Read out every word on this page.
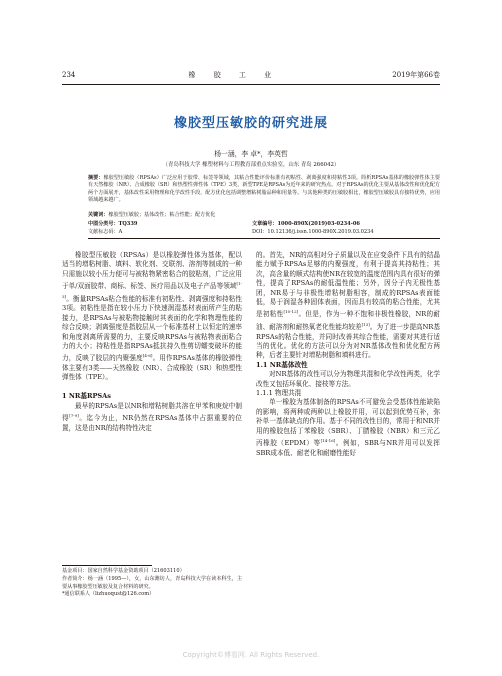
234	橡 胶 工 业	2019年第66卷
橡胶型压敏胶的研究进展
杨一涵，李 卓*，李英哲
（青岛科技大学 橡塑材料与工程教育部重点实验室，山东 青岛 266042）
摘要：橡胶型压敏胶（RPSAs）广泛应用于胶带、标签等领域，其粘合性能评价标准有初粘性、剥离强度和持粘性3项。简析RPSAs基体的橡胶弹性体主要有天然橡胶（NR）、合成橡胶（SR）和热塑性弹性体（TPE）3类，新型TPE是RPSAs为近年来的研究热点。对于RPSAs的优化主要从基体改性和优化配方两个方面展开，基体改性采用物理和化学改性手段，配方优化包括调整增粘树脂品种和用量等。与其他种类的压敏胶相比，橡胶型压敏胶具有独特优势，应用领域越来越广。
关键词：橡胶型压敏胶；基体改性；粘合性能；配方优化
中图分类号：TQ339	文章编号：1000-890X(2019)03-0234-06
文献标志码：A	DOI：10.12136/j.issn.1000-890X.2019.03.0234

橡胶型压敏胶（RPSAs）是以橡胶弹性体为基体，配以适当的增粘树脂、填料、软化剂、交联剂、溶剂等制成的一种只需施以较小压力便可与被粘物紧密粘合的胶粘剂，广泛应用于单/双面胶带、商标、标签、医疗用品以及电子产品等领域[1-3]。衡量RPSAs粘合性能的标准有初粘性、剥离强度和持粘性3项。初粘性是指在较小压力下快速润湿基材表面所产生的粘接力，是RPSAs与被粘物接触时其表面的化学和物理性能的综合反映；剥离强度是指胶层从一个标准基材上以恒定的速率和角度剥离所需要的力，主要反映RPSAs与被粘物表面粘合力的大小；持粘性是指RPSAs抵抗持久性剪切蠕变破坏的能力，反映了胶层的内聚强度[4-6]。用作RPSAs基体的橡胶弹性体主要有3类——天然橡胶（NR）、合成橡胶（SR）和热塑性弹性体（TPE）。

1 NR基RPSAs

最早的RPSAs是以NR和增粘树脂共溶在甲苯和庚烷中制得[7-9]。迄今为止，NR仍然在RPSAs基体中占据重要的位置，这是由NR的结构特性决定

的。首先，NR的高相对分子质量以及在应变条件下具有的结晶能力赋予RPSAs足够的内聚强度，有利于提高其持粘性；其次，高含量的顺式结构使NR在较宽的温度范围内具有很好的弹性，提高了RPSAs的耐低温性能；另外，因分子内无极性基团，NR易于与非极性增粘树脂相容，制成的RPSAs表面能低，易于润湿各种固体表面，因而具有较高的粘合性能，尤其是初粘性[10-12]。但是，作为一种不饱和非极性橡胶，NR的耐油、耐溶剂和耐热氧老化性能均较差[13]。为了进一步提高NR基RPSAs的粘合性能，并同时改善其综合性能，需要对其进行适当的优化。优化的方法可以分为对NR基体改性和优化配方两种，后者主要针对增粘树脂和填料进行。

1.1 NR基体改性

对NR基体的改性可以分为物理共混和化学改性两类，化学改性又包括环氧化、接枝等方法。

1.1.1 物理共混

单一橡胶为基体制备的RPSAs不可避免会受基体性能缺陷的影响，将两种或两种以上橡胶并用，可以起到优势互补，弥补单一基体缺点的作用。基于不同的改性目的，常用于和NR并用的橡胶包括丁苯橡胶（SBR）、丁腈橡胶（NBR）和三元乙丙橡胶（EPDM）等[14-16]。例如，SBR与NR并用可以发挥SBR成本低、耐老化和耐磨性能好

基金项目：国家自然科学基金资助项目（21603110）
作者简介：杨一涵（1995—），女，山东潍坊人，青岛科技大学在读本科生，主要从事橡胶型压敏胶及复合材料的研究。
*通信联系人（lizhuoqust@126.com）
Copyright©博看网. All Rights Reserved.
